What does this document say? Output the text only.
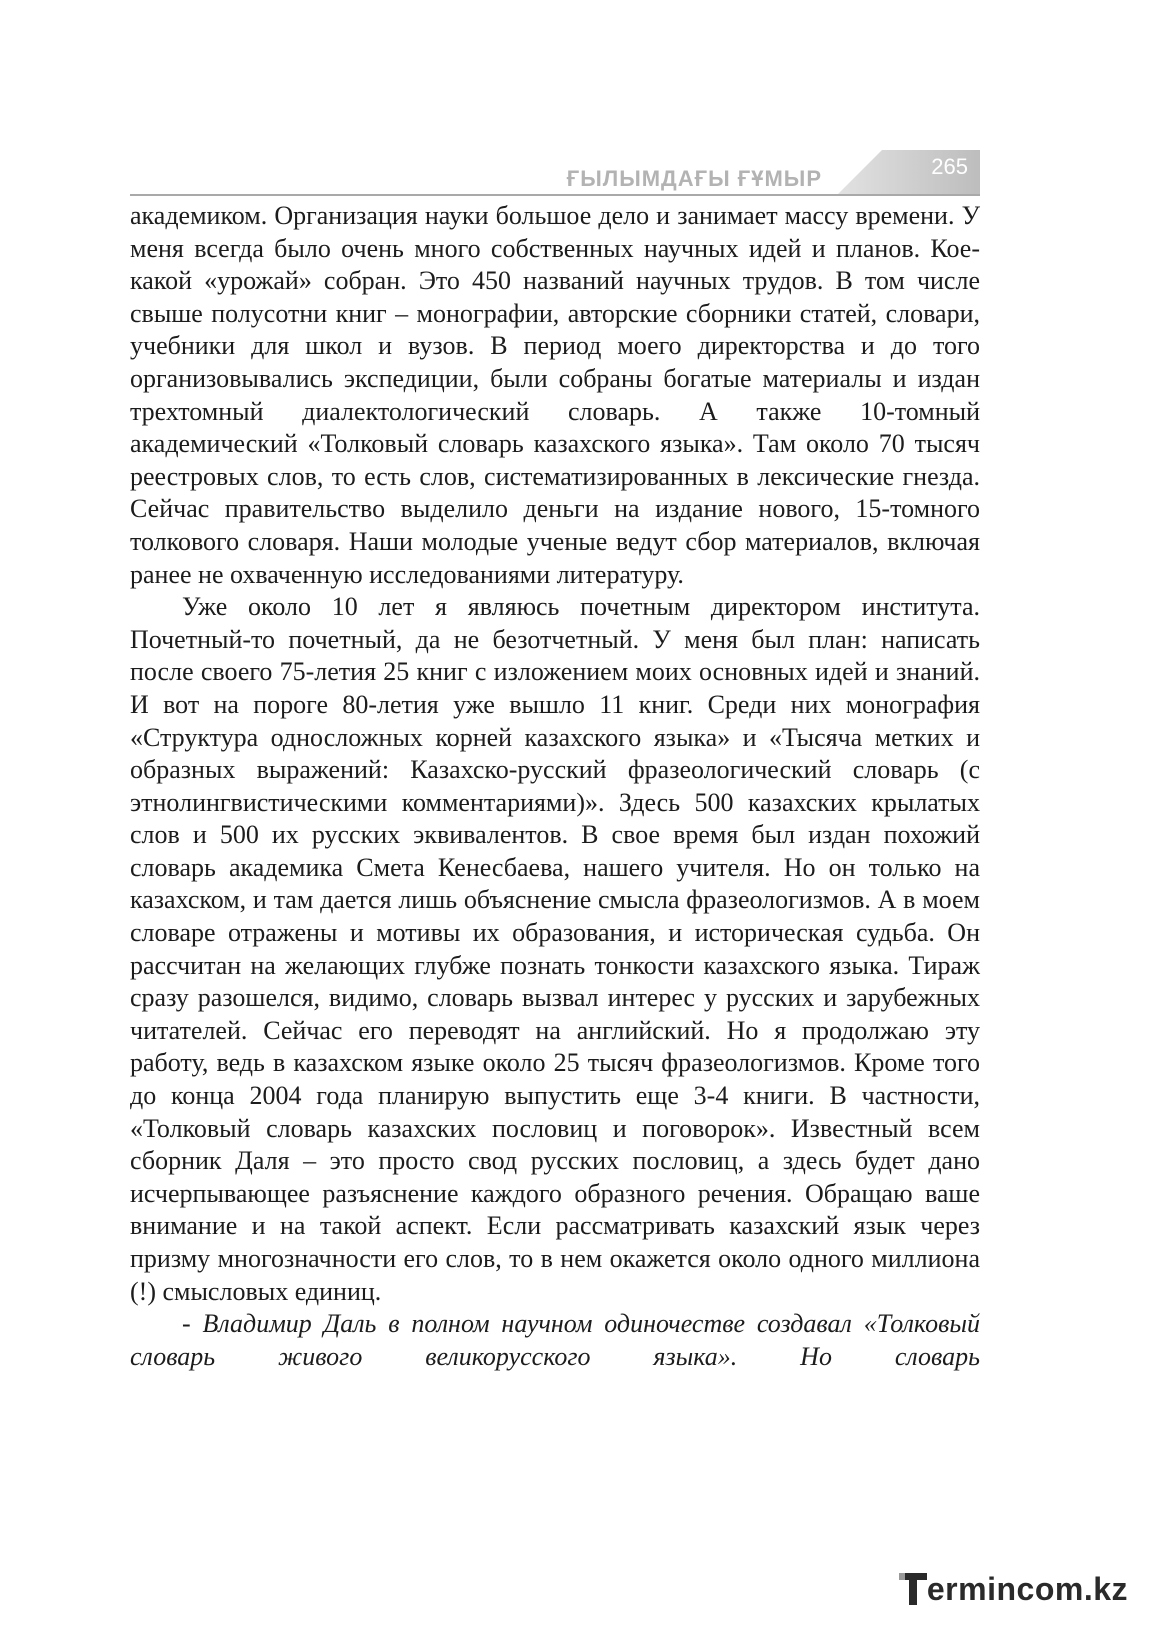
ҒЫЛЫМДАҒЫ ҒҰМЫР	265

академиком. Организация науки большое дело и занимает массу времени. У меня всегда было очень много собственных научных идей и планов. Кое-какой «урожай» собран. Это 450 названий научных трудов. В том числе свыше полусотни книг – монографии, авторские сборники статей, словари, учебники для школ и вузов. В период моего директорства и до того организовывались экспедиции, были собраны богатые материалы и издан трехтомный диалектологический словарь. А также 10-томный академический «Толковый словарь казахского языка». Там около 70 тысяч реестровых слов, то есть слов, систематизированных в лексические гнезда. Сейчас правительство выделило деньги на издание нового, 15-томного толкового словаря. Наши молодые ученые ведут сбор материалов, включая ранее не охваченную исследованиями литературу.

Уже около 10 лет я являюсь почетным директором института. Почетный-то почетный, да не безотчетный. У меня был план: написать после своего 75-летия 25 книг с изложением моих основных идей и знаний. И вот на пороге 80-летия уже вышло 11 книг. Среди них монография «Структура односложных корней казахского языка» и «Тысяча метких и образных выражений: Казахско-русский фразеологический словарь (с этнолингвистическими комментариями)». Здесь 500 казахских крылатых слов и 500 их русских эквивалентов. В свое время был издан похожий словарь академика Смета Кенесбаева, нашего учителя. Но он только на казахском, и там дается лишь объяснение смысла фразеологизмов. А в моем словаре отражены и мотивы их образования, и историческая судьба. Он рассчитан на желающих глубже познать тонкости казахского языка. Тираж сразу разошелся, видимо, словарь вызвал интерес у русских и зарубежных читателей. Сейчас его переводят на английский. Но я продолжаю эту работу, ведь в казахском языке около 25 тысяч фразеологизмов. Кроме того до конца 2004 года планирую выпустить еще 3-4 книги. В частности, «Толковый словарь казахских пословиц и поговорок». Известный всем сборник Даля – это просто свод русских пословиц, а здесь будет дано исчерпывающее разъяснение каждого образного речения. Обращаю ваше внимание и на такой аспект. Если рассматривать казахский язык через призму многозначности его слов, то в нем окажется около одного миллиона (!) смысловых единиц.

- Владимир Даль в полном научном одиночестве создавал «Толковый словарь живого великорусского языка». Но словарь

ermincom.kz
